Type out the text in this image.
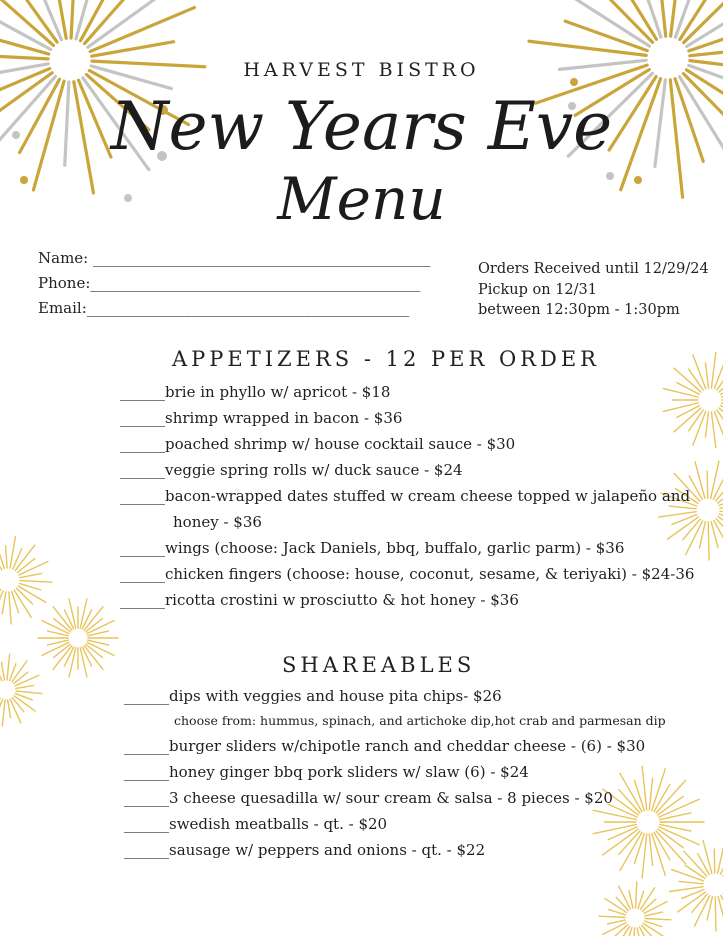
HARVEST BISTRO
New Years Eve
Menu
Name: _____________________________________________
Phone:____________________________________________
Email:___________________________________________
Orders Received until 12/29/24
Pickup on 12/31
between 12:30pm - 1:30pm
APPETIZERS - 12 PER ORDER
______brie in phyllo w/ apricot - $18
______shrimp wrapped in bacon - $36
______poached shrimp w/ house cocktail sauce - $30
______veggie spring rolls w/ duck sauce - $24
______bacon-wrapped dates stuffed w cream cheese topped w jalapeño and
honey - $36
______wings (choose: Jack Daniels, bbq, buffalo, garlic parm) - $36
______chicken fingers (choose: house, coconut, sesame, & teriyaki) - $24-36
______ricotta crostini w prosciutto & hot honey - $36
SHAREABLES
______dips with veggies and house pita chips- $26
choose from: hummus, spinach, and artichoke dip,hot crab and parmesan dip
______burger sliders w/chipotle ranch and cheddar cheese - (6) - $30
______honey ginger bbq pork sliders w/ slaw (6) - $24
______3 cheese quesadilla w/ sour cream & salsa - 8 pieces - $20
______swedish meatballs - qt. - $20
______sausage w/ peppers and onions - qt. - $22
